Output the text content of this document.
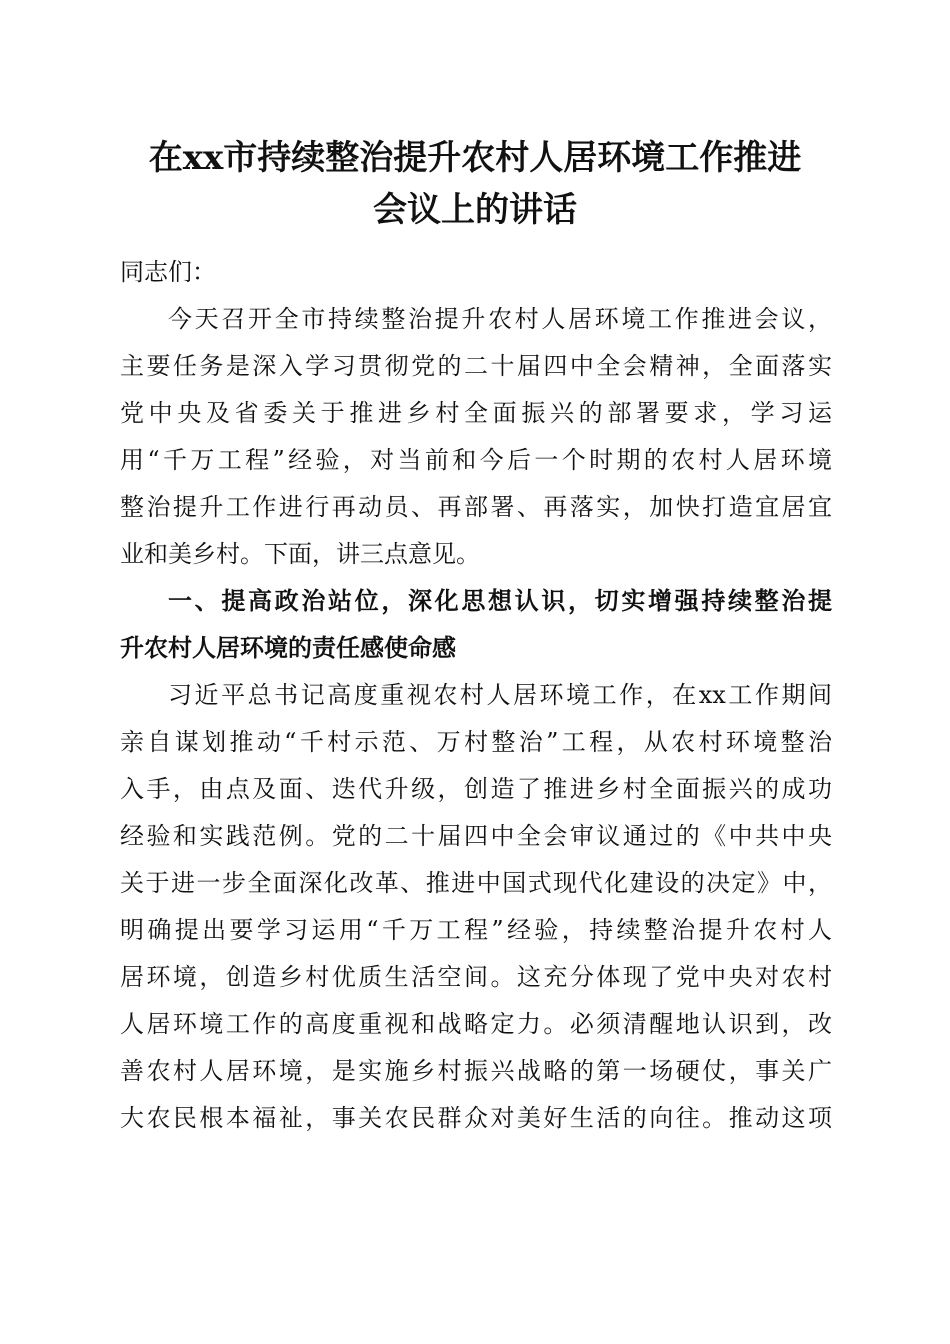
在xx市持续整治提升农村人居环境工作推进
会议上的讲话
同志们：
今天召开全市持续整治提升农村人居环境工作推进会议，
主要任务是深入学习贯彻党的二十届四中全会精神，全面落实
党中央及省委关于推进乡村全面振兴的部署要求，学习运
用“千万工程”经验，对当前和今后一个时期的农村人居环境
整治提升工作进行再动员、再部署、再落实，加快打造宜居宜
业和美乡村。下面，讲三点意见。
一、提高政治站位，深化思想认识，切实增强持续整治提
升农村人居环境的责任感使命感
习近平总书记高度重视农村人居环境工作，在xx工作期间
亲自谋划推动“千村示范、万村整治”工程，从农村环境整治
入手，由点及面、迭代升级，创造了推进乡村全面振兴的成功
经验和实践范例。党的二十届四中全会审议通过的《中共中央
关于进一步全面深化改革、推进中国式现代化建设的决定》中，
明确提出要学习运用“千万工程”经验，持续整治提升农村人
居环境，创造乡村优质生活空间。这充分体现了党中央对农村
人居环境工作的高度重视和战略定力。必须清醒地认识到，改
善农村人居环境，是实施乡村振兴战略的第一场硬仗，事关广
大农民根本福祉，事关农民群众对美好生活的向往。推动这项
